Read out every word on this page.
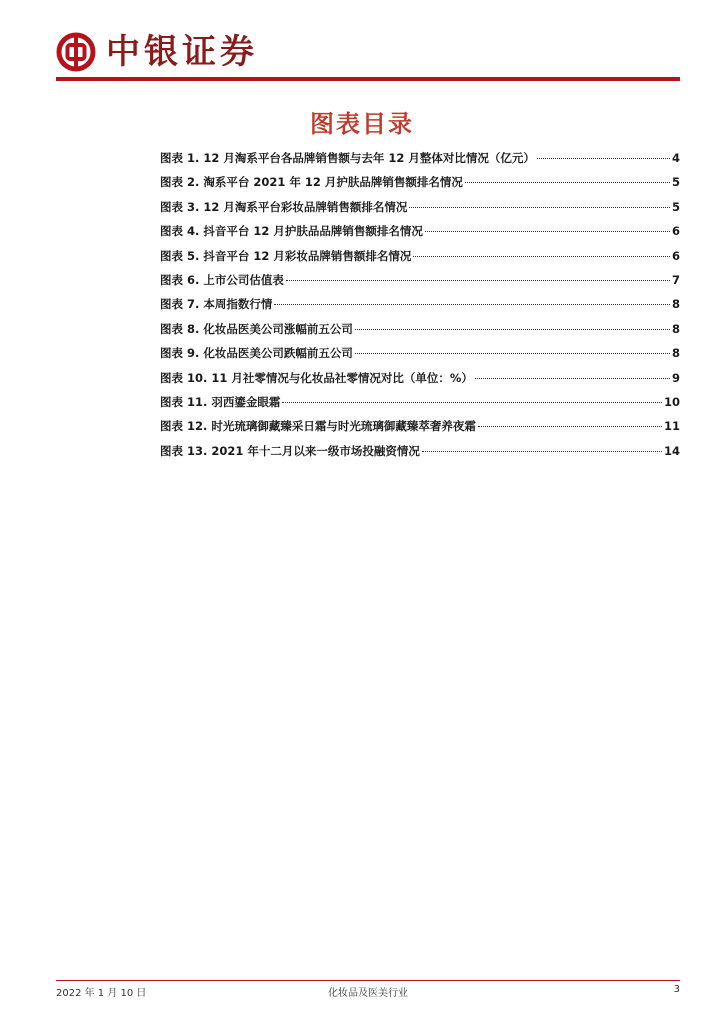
中银证券
图表目录
图表 1. 12 月淘系平台各品牌销售额与去年 12 月整体对比情况（亿元）	4
图表 2. 淘系平台 2021 年 12 月护肤品牌销售额排名情况	5
图表 3. 12 月淘系平台彩妆品牌销售额排名情况	5
图表 4. 抖音平台 12 月护肤品品牌销售额排名情况	6
图表 5. 抖音平台 12 月彩妆品牌销售额排名情况	6
图表 6. 上市公司估值表	7
图表 7. 本周指数行情	8
图表 8. 化妆品医美公司涨幅前五公司	8
图表 9. 化妆品医美公司跌幅前五公司	8
图表 10. 11 月社零情况与化妆品社零情况对比（单位：%）	9
图表 11. 羽西鎏金眼霜	10
图表 12. 时光琉璃御藏臻采日霜与时光琉璃御藏臻萃奢养夜霜	11
图表 13. 2021 年十二月以来一级市场投融资情况	14
2022 年 1 月 10 日	化妆品及医美行业	3
